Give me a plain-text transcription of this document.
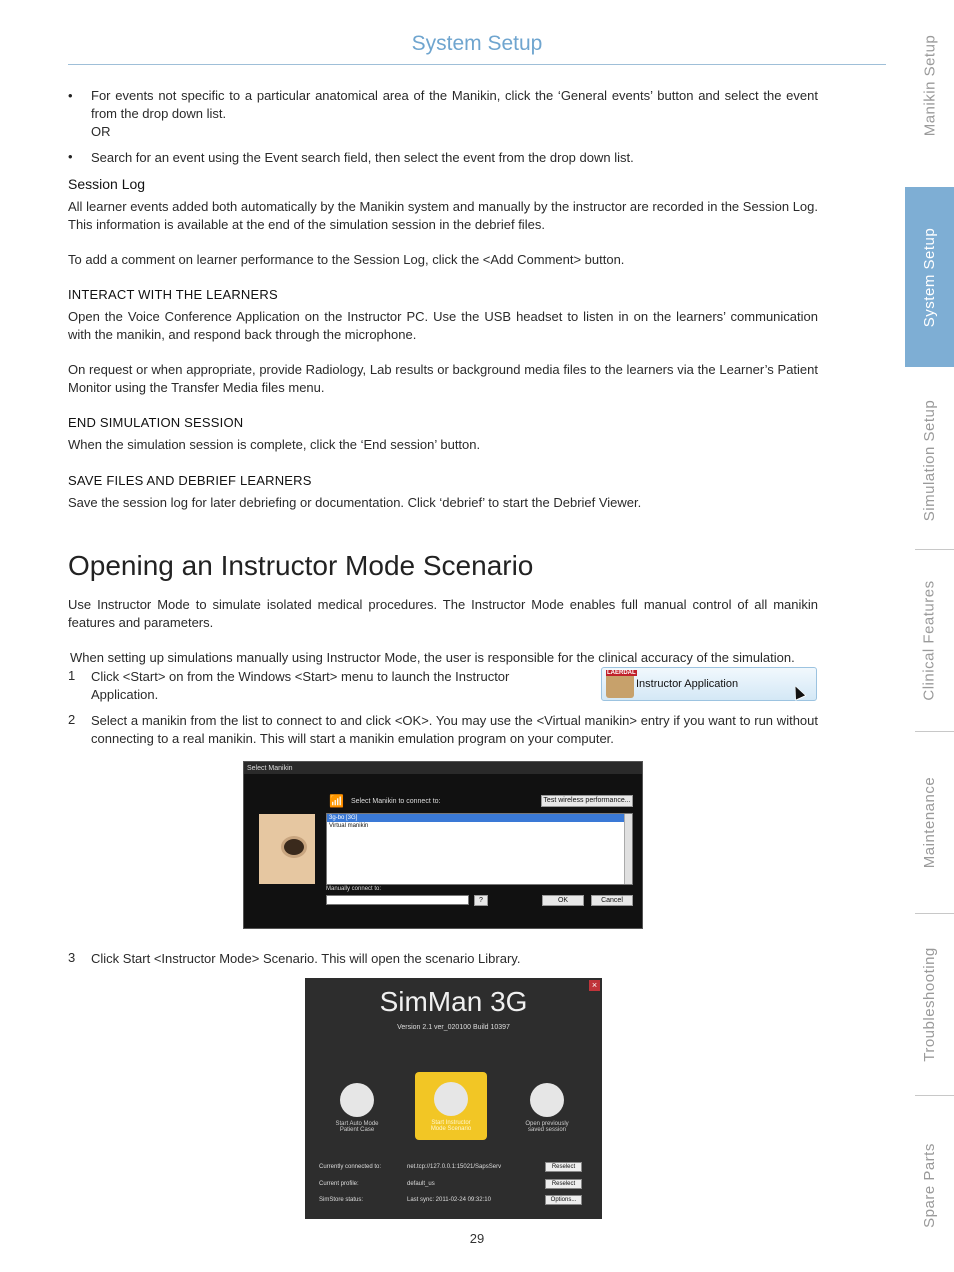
System Setup	Manikin Setup
System Setup
Simulation Setup
Clinical Features
Maintenance
Troubleshooting
Spare Parts
• For events not specific to a particular anatomical area of the Manikin, click the ‘General events’ button and select the event from the drop down list.
OR
• Search for an event using the Event search field, then select the event from the drop down list.
Session Log
All learner events added both automatically by the Manikin system and manually by the instructor are recorded in the Session Log. This information is available at the end of the simulation session in the debrief files.
To add a comment on learner performance to the Session Log, click the <Add Comment> button.
INTERACT WITH THE LEARNERS
Open the Voice Conference Application on the Instructor PC. Use the USB headset to listen in on the learners’ communication with the manikin, and respond back through the microphone.
On request or when appropriate, provide Radiology, Lab results or background media files to the learners via the Learner’s Patient Monitor using the Transfer Media files menu.
END SIMULATION SESSION
When the simulation session is complete, click the ‘End session’ button.
SAVE FILES AND DEBRIEF LEARNERS
Save the session log for later debriefing or documentation. Click ‘debrief’ to start the Debrief Viewer.
Opening an Instructor Mode Scenario
Use Instructor Mode to simulate isolated medical procedures. The Instructor Mode enables full manual control of all manikin features and parameters.
When setting up simulations manually using Instructor Mode, the user is responsible for the clinical accuracy of the simulation.
1 Click <Start> on from the Windows <Start> menu to launch the Instructor Application.
LAERDAL
Instructor Application
2 Select a manikin from the list to connect to and click <OK>. You may use the <Virtual manikin> entry if you want to run without connecting to a real manikin. This will start a manikin emulation program on your computer.
Select Manikin
📶 Select Manikin to connect to:	Test wireless performance...
3g-bo [3G]
Virtual manikin
Manually connect to:
?	OK	Cancel
3 Click Start <Instructor Mode> Scenario. This will open the scenario Library.
×
SimMan 3G
Version 2.1 ver_020100 Build 10397
Start Auto Mode Patient Case
Start Instructor Mode Scenario
Open previously saved session
Currently connected to:	net.tcp://127.0.0.1:15021/SapsServ	Reselect
Current profile:	default_us	Reselect
SimStore status:	Last sync: 2011-02-24 09:32:10	Options...
29
